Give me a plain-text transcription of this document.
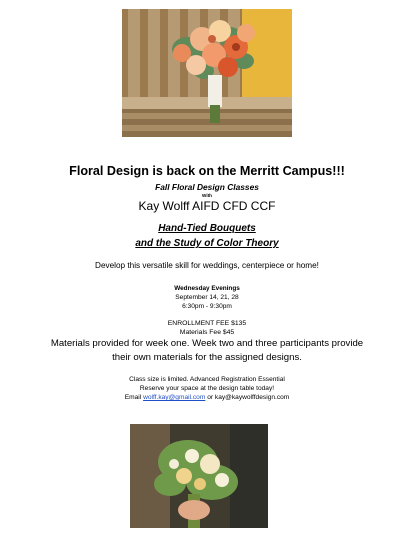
Floral Design is back on the Merritt Campus!!!
Fall Floral Design Classes
With
Kay Wolff AIFD CFD CCF
Hand-Tied Bouquets
and the Study of Color Theory
Develop this versatile skill for weddings, centerpiece or home!
Wednesday Evenings
September 14, 21, 28
6:30pm - 9:30pm
ENROLLMENT FEE $135
Materials Fee $45
Materials provided for week one. Week two and three participants provide
their own materials for the assigned designs.
Class size is limited. Advanced Registration Essential
Reserve your space at the design table today!
Email wolff.kay@gmail.com or kay@kaywolffdesign.com
